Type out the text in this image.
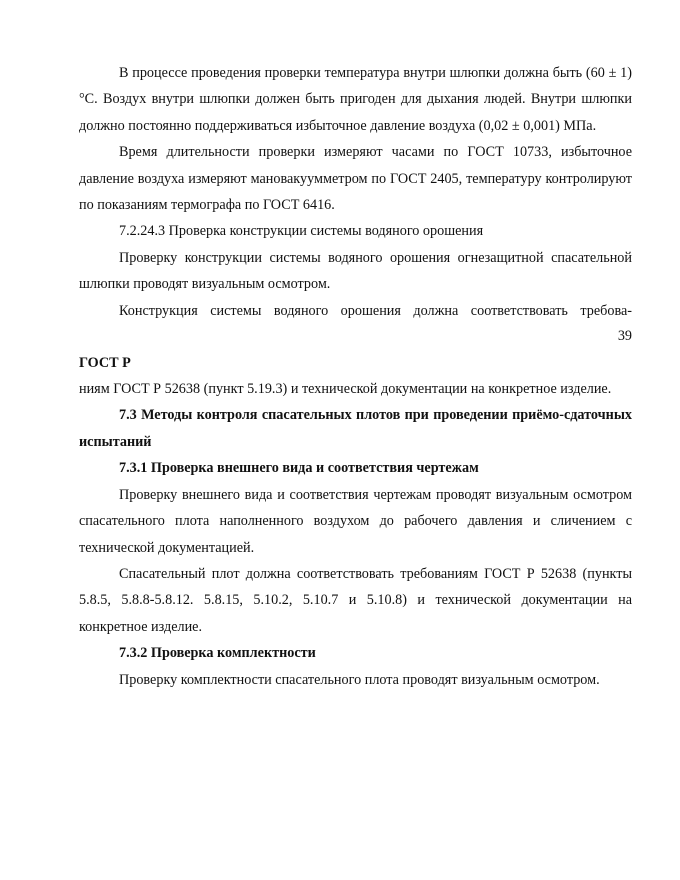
В процессе проведения проверки температура внутри шлюпки должна быть (60 ± 1) °С. Воздух внутри шлюпки должен быть пригоден для дыхания людей. Внутри шлюпки должно постоянно поддерживаться избыточное давление воздуха (0,02 ± 0,001) МПа.

Время длительности проверки измеряют часами по ГОСТ 10733, избыточное давление воздуха измеряют мановакуумметром по ГОСТ 2405, температуру контролируют по показаниям термографа по ГОСТ 6416.

7.2.24.3 Проверка конструкции системы водяного орошения

Проверку конструкции системы водяного орошения огнезащитной спасательной шлюпки проводят визуальным осмотром.

Конструкция системы водяного орошения должна соответствовать требова-

39

ГОСТ Р

ниям ГОСТ Р 52638 (пункт 5.19.3) и технической документации на конкретное изделие.

7.3 Методы контроля спасательных плотов при проведении приёмо-сдаточных испытаний

7.3.1 Проверка внешнего вида и соответствия чертежам

Проверку внешнего вида и соответствия чертежам проводят визуальным осмотром спасательного плота наполненного воздухом до рабочего давления и сличением с технической документацией.

Спасательный плот должна соответствовать требованиям ГОСТ Р 52638 (пункты 5.8.5, 5.8.8-5.8.12. 5.8.15, 5.10.2, 5.10.7 и 5.10.8) и технической документации на конкретное изделие.

7.3.2 Проверка комплектности

Проверку комплектности спасательного плота проводят визуальным осмотром.
